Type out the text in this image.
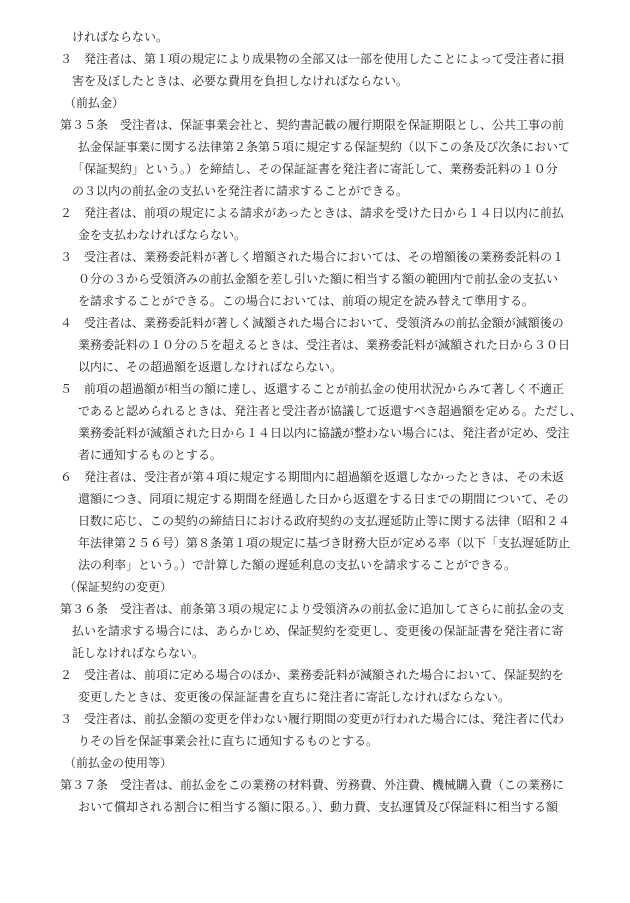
ければならない。
３　発注者は、第１項の規定により成果物の全部又は一部を使用したことによって受注者に損
害を及ぼしたときは、必要な費用を負担しなければならない。
（前払金）
第３５条　受注者は、保証事業会社と、契約書記載の履行期限を保証期限とし、公共工事の前
払金保証事業に関する法律第２条第５項に規定する保証契約（以下この条及び次条において
「保証契約」という。）を締結し、その保証証書を発注者に寄託して、業務委託料の１０分
の３以内の前払金の支払いを発注者に請求することができる。
２　発注者は、前項の規定による請求があったときは、請求を受けた日から１４日以内に前払
金を支払わなければならない。
３　受注者は、業務委託料が著しく増額された場合においては、その増額後の業務委託料の１
０分の３から受領済みの前払金額を差し引いた額に相当する額の範囲内で前払金の支払い
を請求することができる。この場合においては、前項の規定を読み替えて準用する。
４　受注者は、業務委託料が著しく減額された場合において、受領済みの前払金額が減額後の
業務委託料の１０分の５を超えるときは、受注者は、業務委託料が減額された日から３０日
以内に、その超過額を返還しなければならない。
５　前項の超過額が相当の額に達し、返還することが前払金の使用状況からみて著しく不適正
であると認められるときは、発注者と受注者が協議して返還すべき超過額を定める。ただし、
業務委託料が減額された日から１４日以内に協議が整わない場合には、発注者が定め、受注
者に通知するものとする。
６　発注者は、受注者が第４項に規定する期間内に超過額を返還しなかったときは、その未返
還額につき、同項に規定する期間を経過した日から返還をする日までの期間について、その
日数に応じ、この契約の締結日における政府契約の支払遅延防止等に関する法律（昭和２４
年法律第２５６号）第８条第１項の規定に基づき財務大臣が定める率（以下「支払遅延防止
法の利率」という。）で計算した額の遅延利息の支払いを請求することができる。
（保証契約の変更）
第３６条　受注者は、前条第３項の規定により受領済みの前払金に追加してさらに前払金の支
払いを請求する場合には、あらかじめ、保証契約を変更し、変更後の保証証書を発注者に寄
託しなければならない。
２　受注者は、前項に定める場合のほか、業務委託料が減額された場合において、保証契約を
変更したときは、変更後の保証証書を直ちに発注者に寄託しなければならない。
３　受注者は、前払金額の変更を伴わない履行期間の変更が行われた場合には、発注者に代わ
りその旨を保証事業会社に直ちに通知するものとする。
（前払金の使用等）
第３７条　受注者は、前払金をこの業務の材料費、労務費、外注費、機械購入費（この業務に
おいて償却される割合に相当する額に限る。）、動力費、支払運賃及び保証料に相当する額
